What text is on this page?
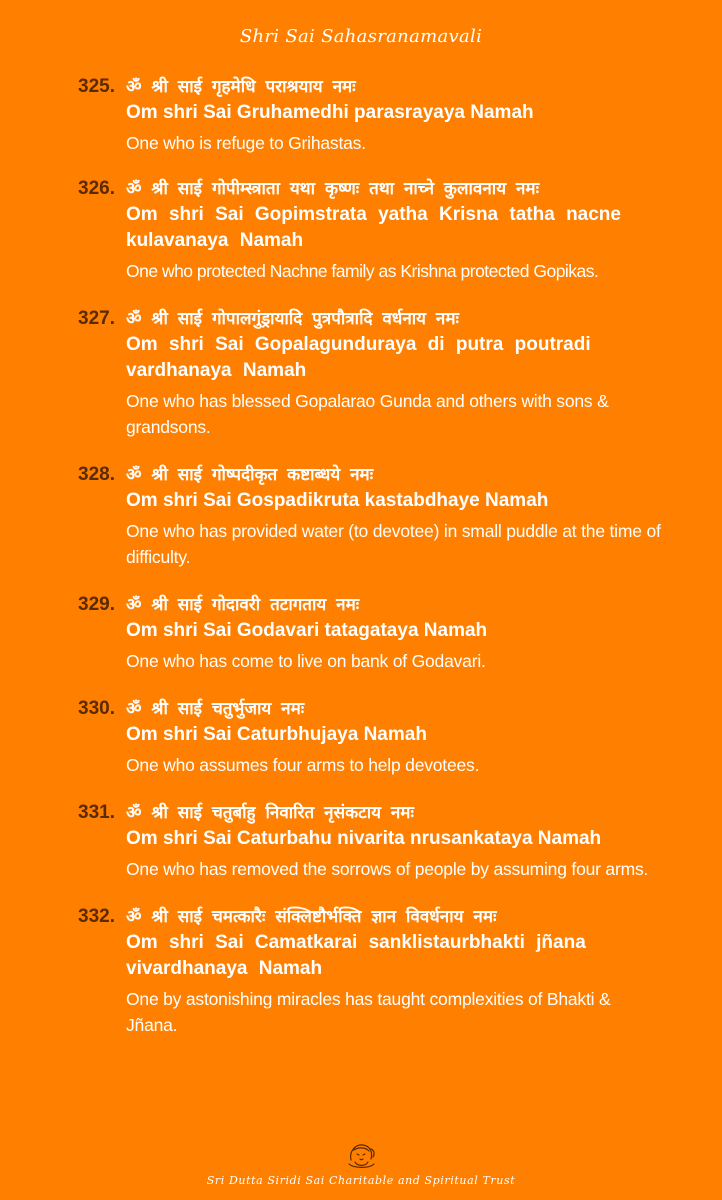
Shri Sai Sahasranamavali
325. ॐ श्री साई गृहमेधि पराश्रयाय नमः
Om shri Sai Gruhamedhi parasrayaya Namah
One who is refuge to Grihastas.
326. ॐ श्री साई गोपीम्स्त्राता यथा कृष्णः तथा नाच्ने कुलावनाय नमः
Om shri Sai Gopimstrata yatha Krisna tatha nacne kulavanaya Namah
One who protected Nachne family as Krishna protected Gopikas.
327. ॐ श्री साई गोपालगुंड्रायादि पुत्रपौत्रादि वर्धनाय नमः
Om shri Sai Gopalagunduraya di putra poutradi vardhanaya Namah
One who has blessed Gopalarao Gunda and others with sons & grandsons.
328. ॐ श्री साई गोष्पदीकृत कष्टाब्धये नमः
Om shri Sai Gospadikruta kastabdhaye Namah
One who has provided water (to devotee) in small puddle at the time of difficulty.
329. ॐ श्री साई गोदावरी तटागताय नमः
Om shri Sai Godavari tatagataya Namah
One who has come to live on bank of Godavari.
330. ॐ श्री साई चतुर्भुजाय नमः
Om shri Sai Caturbhujaya Namah
One who assumes four arms to help devotees.
331. ॐ श्री साई चतुर्बाहु निवारित नृसंकटाय नमः
Om shri Sai Caturbahu nivarita nrusankataya Namah
One who has removed the sorrows of people by assuming four arms.
332. ॐ श्री साई चमत्कारैः संक्लिष्टौर्भक्ति ज्ञान विवर्धनाय नमः
Om shri Sai Camatkarai sanklistaurbhakti jñana vivardhanaya Namah
One by astonishing miracles has taught complexities of Bhakti & Jñana.
Sri Dutta Siridi Sai Charitable and Spiritual Trust
